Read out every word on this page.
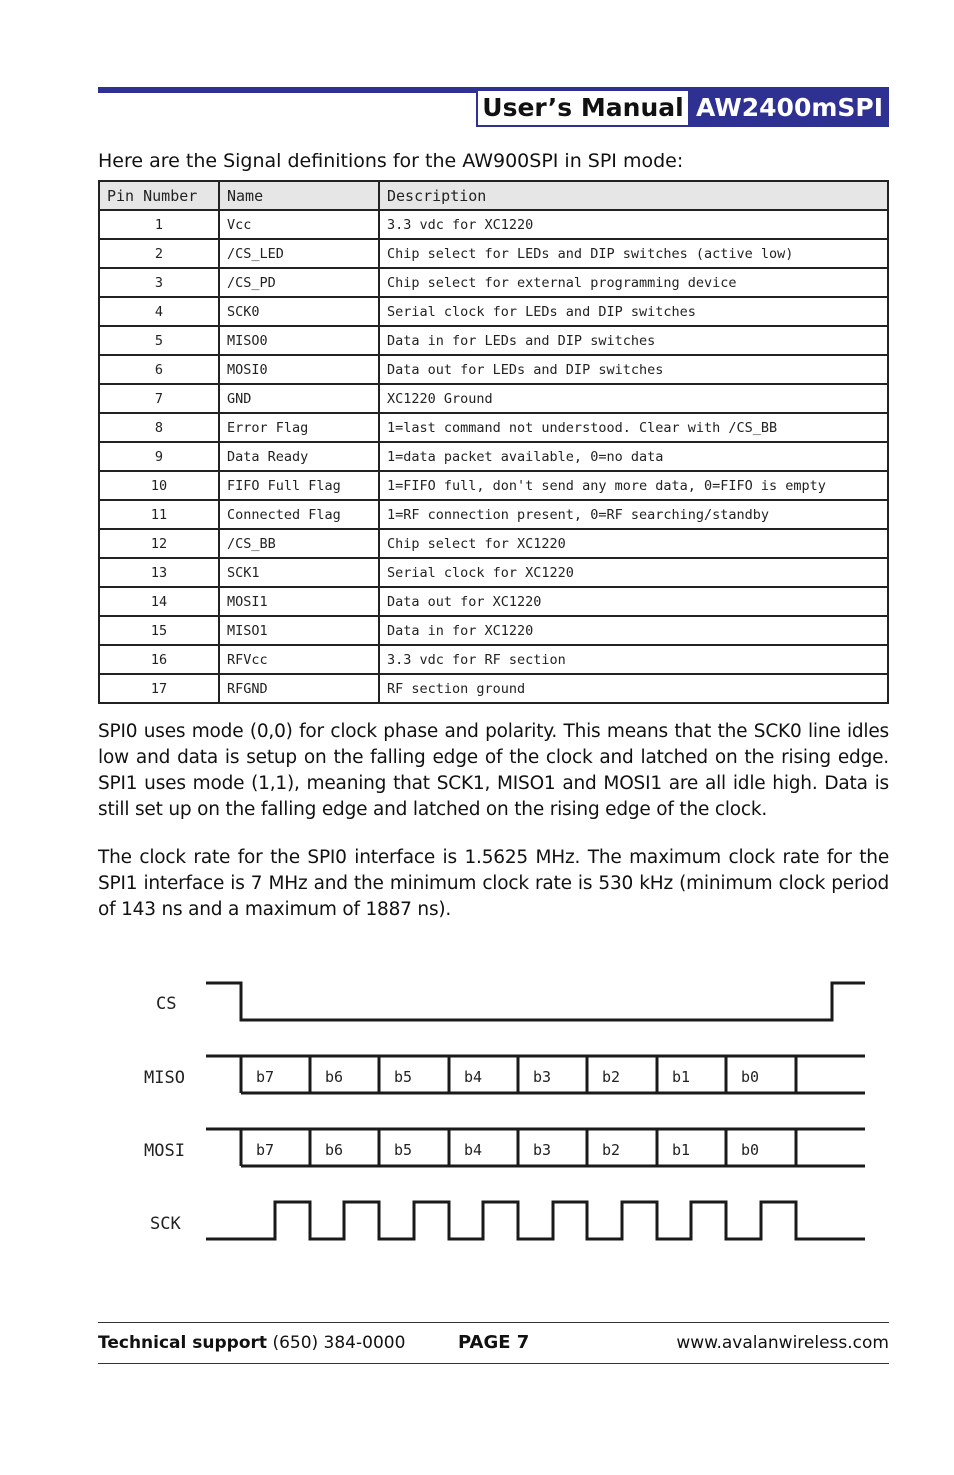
User’s Manual AW2400mSPI
Here are the Signal definitions for the AW900SPI in SPI mode:
Pin Number	Name	Description
1	Vcc	3.3 vdc for XC1220
2	/CS_LED	Chip select for LEDs and DIP switches (active low)
3	/CS_PD	Chip select for external programming device
4	SCK0	Serial clock for LEDs and DIP switches
5	MISO0	Data in for LEDs and DIP switches
6	MOSI0	Data out for LEDs and DIP switches
7	GND	XC1220 Ground
8	Error Flag	1=last command not understood. Clear with /CS_BB
9	Data Ready	1=data packet available, 0=no data
10	FIFO Full Flag	1=FIFO full, don't send any more data, 0=FIFO is empty
11	Connected Flag	1=RF connection present, 0=RF searching/standby
12	/CS_BB	Chip select for XC1220
13	SCK1	Serial clock for XC1220
14	MOSI1	Data out for XC1220
15	MISO1	Data in for XC1220
16	RFVcc	3.3 vdc for RF section
17	RFGND	RF section ground
SPI0 uses mode (0,0) for clock phase and polarity. This means that the SCK0 line idles low and data is setup on the falling edge of the clock and latched on the rising edge. SPI1 uses mode (1,1), meaning that SCK1, MISO1 and MOSI1 are all idle high. Data is still set up on the falling edge and latched on the rising edge of the clock.
The clock rate for the SPI0 interface is 1.5625 MHz. The maximum clock rate for the SPI1 interface is 7 MHz and the minimum clock rate is 530 kHz (minimum clock period of 143 ns and a maximum of 1887 ns).
CS
MISO
MOSI
SCK
b7	b6	b5	b4	b3	b2	b1	b0
b7	b6	b5	b4	b3	b2	b1	b0
Technical support (650) 384-0000	PAGE 7	www.avalanwireless.com
